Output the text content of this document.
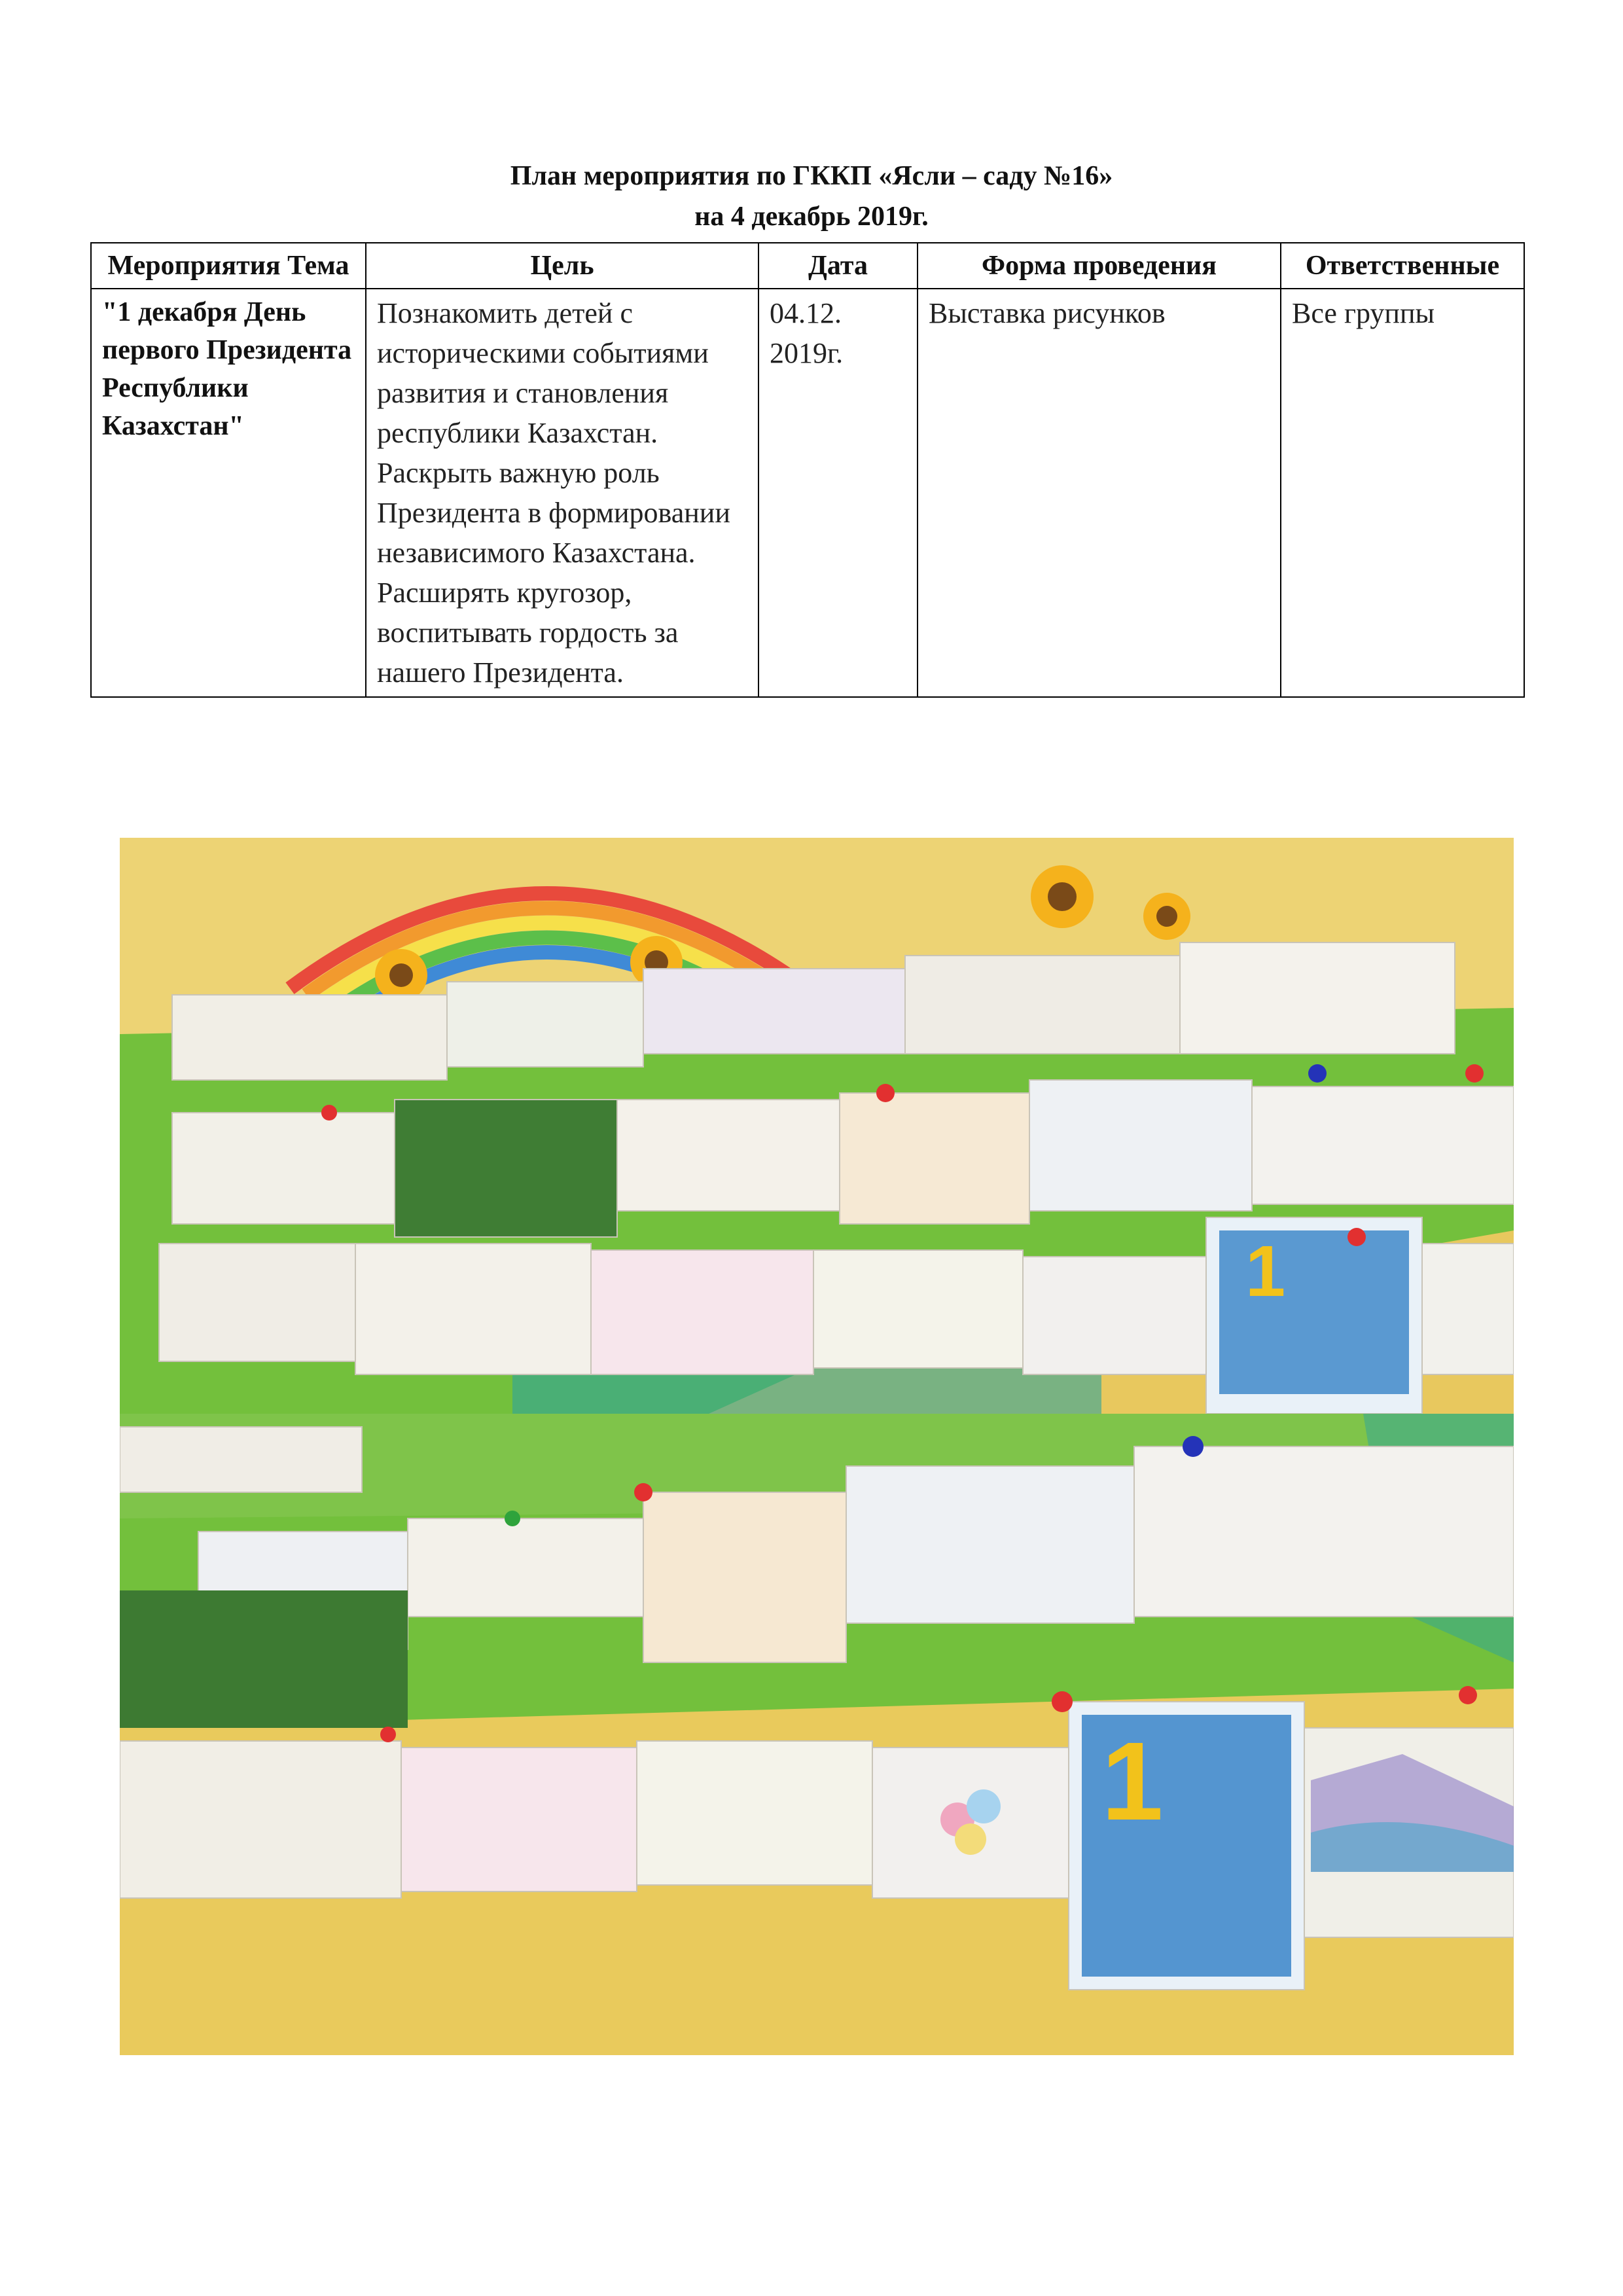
План мероприятия по ГККП «Ясли – саду №16»
на 4 декабрь 2019г.
Мероприятия Тема	Цель	Дата	Форма проведения	Ответственные
"1 декабря День первого Президента Республики Казахстан"	Познакомить детей с историческими событиями развития и становления республики Казахстан. Раскрыть важную роль Президента в формировании независимого Казахстана. Расширять кругозор, воспитывать гордость за нашего Президента.	04.12. 2019г.	Выставка рисунков	Все группы
1
1
